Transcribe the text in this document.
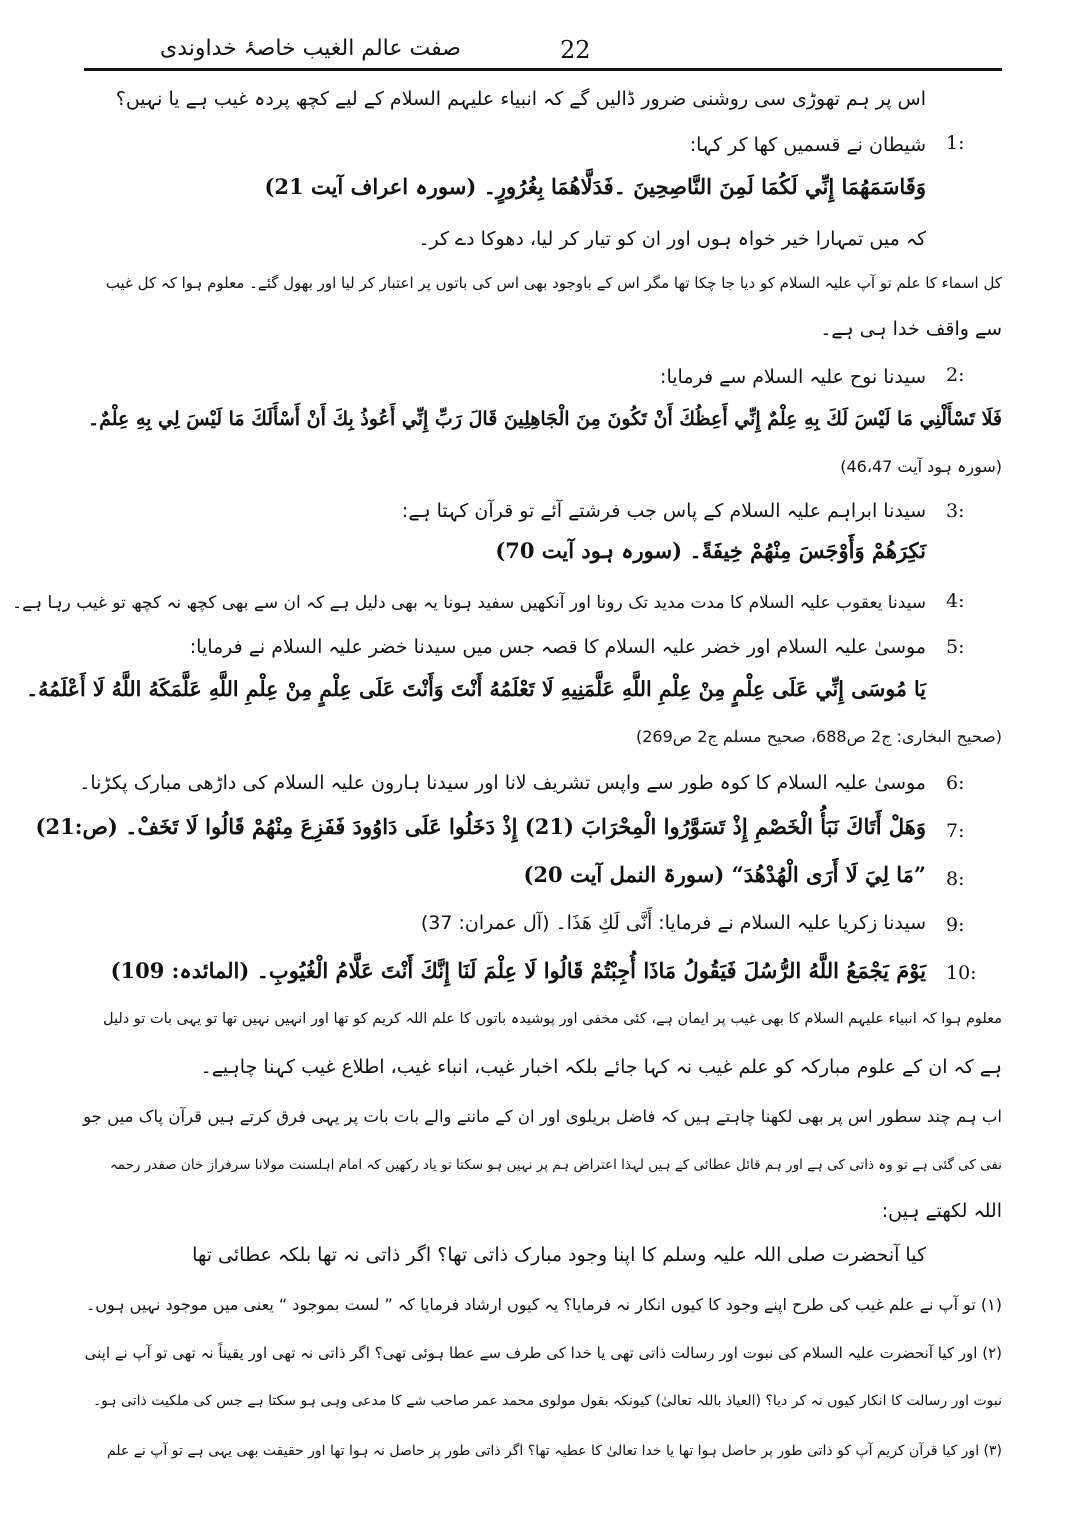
صفت عالم الغیب خاصۂ خداوندی	22
اس پر ہم تھوڑی سی روشنی ضرور ڈالیں گے کہ انبیاء علیہم السلام کے لیے کچھ پردہ غیب ہے یا نہیں؟
1:
شیطان نے قسمیں کھا کر کہا:
وَقَاسَمَهُمَا إِنِّي لَكُمَا لَمِنَ النَّاصِحِينَ ۔فَدَلَّاهُمَا بِغُرُورٍ۔ (سورہ اعراف آیت 21)
کہ میں تمہارا خیر خواہ ہوں اور ان کو تیار کر لیا، دھوکا دے کر۔
کل اسماء کا علم تو آپ علیہ السلام کو دیا جا چکا تھا مگر اس کے باوجود بھی اس کی باتوں پر اعتبار کر لیا اور بھول گئے۔ معلوم ہوا کہ کل غیب
سے واقف خدا ہی ہے۔
2:
سیدنا نوح علیہ السلام سے فرمایا:
فَلَا تَسْأَلْنِي مَا لَيْسَ لَكَ بِهِ عِلْمٌ إِنِّي أَعِظُكَ أَنْ تَكُونَ مِنَ الْجَاهِلِينَ قَالَ رَبِّ إِنِّي أَعُوذُ بِكَ أَنْ أَسْأَلَكَ مَا لَيْسَ لِي بِهِ عِلْمٌ۔
(سورہ ہود آیت 46،47)
3:
سیدنا ابراہم علیہ السلام کے پاس جب فرشتے آئے تو قرآن کہتا ہے:
نَكِرَهُمْ وَأَوْجَسَ مِنْهُمْ خِيفَةً۔ (سورہ ہود آیت 70)
4:
سیدنا یعقوب علیہ السلام کا مدت مدید تک رونا اور آنکھیں سفید ہونا یہ بھی دلیل ہے کہ ان سے بھی کچھ نہ کچھ تو غیب رہا ہے۔
5:
موسیٰ علیہ السلام اور خضر علیہ السلام کا قصہ جس میں سیدنا خضر علیہ السلام نے فرمایا:
يَا مُوسَى إِنِّي عَلَى عِلْمٍ مِنْ عِلْمِ اللَّهِ عَلَّمَنِيهِ لَا تَعْلَمُهُ أَنْتَ وَأَنْتَ عَلَى عِلْمٍ مِنْ عِلْمِ اللَّهِ عَلَّمَكَهُ اللَّهُ لَا أَعْلَمُهُ۔
(صحیح البخاری: ج2 ص688، صحیح مسلم ج2 ص269)
6:
موسیٰ علیہ السلام کا کوہ طور سے واپس تشریف لانا اور سیدنا ہارون علیہ السلام کی داڑھی مبارک پکڑنا۔
7:
وَهَلْ أَتَاكَ نَبَأُ الْخَصْمِ إِذْ تَسَوَّرُوا الْمِحْرَابَ (21) إِذْ دَخَلُوا عَلَى دَاوُودَ فَفَزِعَ مِنْهُمْ قَالُوا لَا تَخَفْ۔ (ص:21)
8:
”مَا لِيَ لَا أَرَى الْهُدْهُدَ“ (سورۃ النمل آیت 20)
9:
سیدنا زکریا علیہ السلام نے فرمایا: أَنَّى لَكِ هَذَا۔ (آل عمران: 37)
10:
يَوْمَ يَجْمَعُ اللَّهُ الرُّسُلَ فَيَقُولُ مَاذَا أُجِبْتُمْ قَالُوا لَا عِلْمَ لَنَا إِنَّكَ أَنْتَ عَلَّامُ الْغُيُوبِ۔ (المائدہ: 109)
معلوم ہوا کہ انبیاء علیہم السلام کا بھی غیب پر ایمان ہے، کئی مخفی اور پوشیدہ باتوں کا علم اللہ کریم کو تھا اور انہیں نہیں تھا تو یہی بات تو دلیل
ہے کہ ان کے علوم مبارکہ کو علم غیب نہ کہا جائے بلکہ اخبار غیب، انباء غیب، اطلاع غیب کہنا چاہیے۔
اب ہم چند سطور اس پر بھی لکھنا چاہتے ہیں کہ فاضل بریلوی اور ان کے ماننے والے بات بات پر یہی فرق کرتے ہیں قرآن پاک میں جو
نفی کی گئی ہے تو وہ ذاتی کی ہے اور ہم قائل عطائی کے ہیں لہذا اعتراض ہم پر نہیں ہو سکتا تو یاد رکھیں کہ امام اہلسنت مولانا سرفراز خان صفدر رحمہ
اللہ لکھتے ہیں:
کیا آنحضرت صلی اللہ علیہ وسلم کا اپنا وجود مبارک ذاتی تھا؟ اگر ذاتی نہ تھا بلکہ عطائی تھا
(۱) تو آپ نے علم غیب کی طرح اپنے وجود کا کیوں انکار نہ فرمایا؟ یہ کیوں ارشاد فرمایا کہ ” لست بموجود “ یعنی میں موجود نہیں ہوں۔
(۲) اور کیا آنحضرت علیہ السلام کی نبوت اور رسالت ذاتی تھی یا خدا کی طرف سے عطا ہوئی تھی؟ اگر ذاتی نہ تھی اور یقیناً نہ تھی تو آپ نے اپنی
نبوت اور رسالت کا انکار کیوں نہ کر دیا؟ (العیاذ باللہ تعالیٰ) کیونکہ بقول مولوی محمد عمر صاحب شے کا مدعی وہی ہو سکتا ہے جس کی ملکیت ذاتی ہو۔
(۳) اور کیا قرآن کریم آپ کو ذاتی طور پر حاصل ہوا تھا یا خدا تعالیٰ کا عطیہ تھا؟ اگر ذاتی طور پر حاصل نہ ہوا تھا اور حقیقت بھی یہی ہے تو آپ نے علم
